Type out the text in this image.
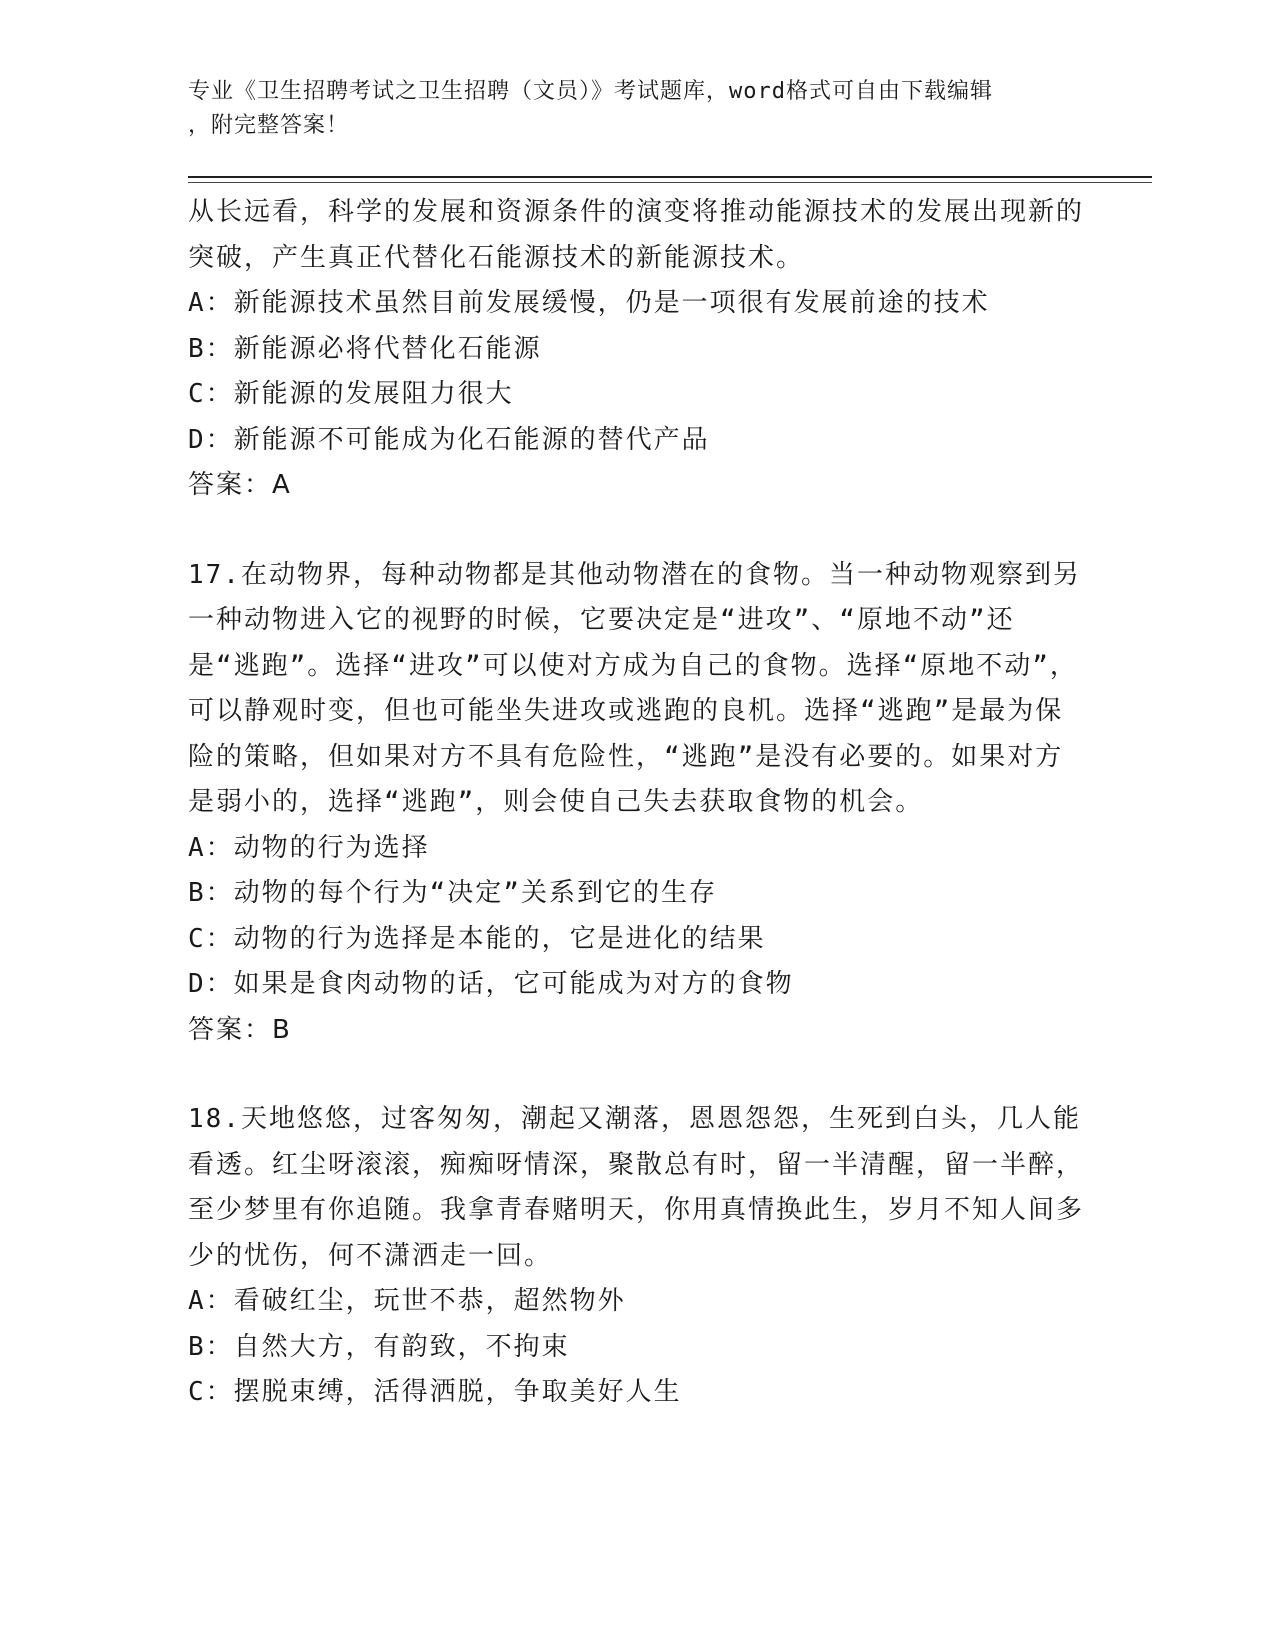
专业《卫生招聘考试之卫生招聘（文员）》考试题库，word格式可自由下载编辑
，附完整答案！

从长远看，科学的发展和资源条件的演变将推动能源技术的发展出现新的突破，产生真正代替化石能源技术的新能源技术。

A：新能源技术虽然目前发展缓慢，仍是一项很有发展前途的技术

B：新能源必将代替化石能源

C：新能源的发展阻力很大

D：新能源不可能成为化石能源的替代产品

答案：A

17.在动物界，每种动物都是其他动物潜在的食物。当一种动物观察到另一种动物进入它的视野的时候，它要决定是“进攻”、“原地不动”还是“逃跑”。选择“进攻”可以使对方成为自己的食物。选择“原地不动”，可以静观时变，但也可能坐失进攻或逃跑的良机。选择“逃跑”是最为保险的策略，但如果对方不具有危险性，“逃跑”是没有必要的。如果对方是弱小的，选择“逃跑”，则会使自己失去获取食物的机会。

A：动物的行为选择

B：动物的每个行为“决定”关系到它的生存

C：动物的行为选择是本能的，它是进化的结果

D：如果是食肉动物的话，它可能成为对方的食物

答案：B

18.天地悠悠，过客匆匆，潮起又潮落，恩恩怨怨，生死到白头，几人能看透。红尘呀滚滚，痴痴呀情深，聚散总有时，留一半清醒，留一半醉，至少梦里有你追随。我拿青春赌明天，你用真情换此生，岁月不知人间多少的忧伤，何不潇洒走一回。

A：看破红尘，玩世不恭，超然物外

B：自然大方，有韵致，不拘束

C：摆脱束缚，活得洒脱，争取美好人生
